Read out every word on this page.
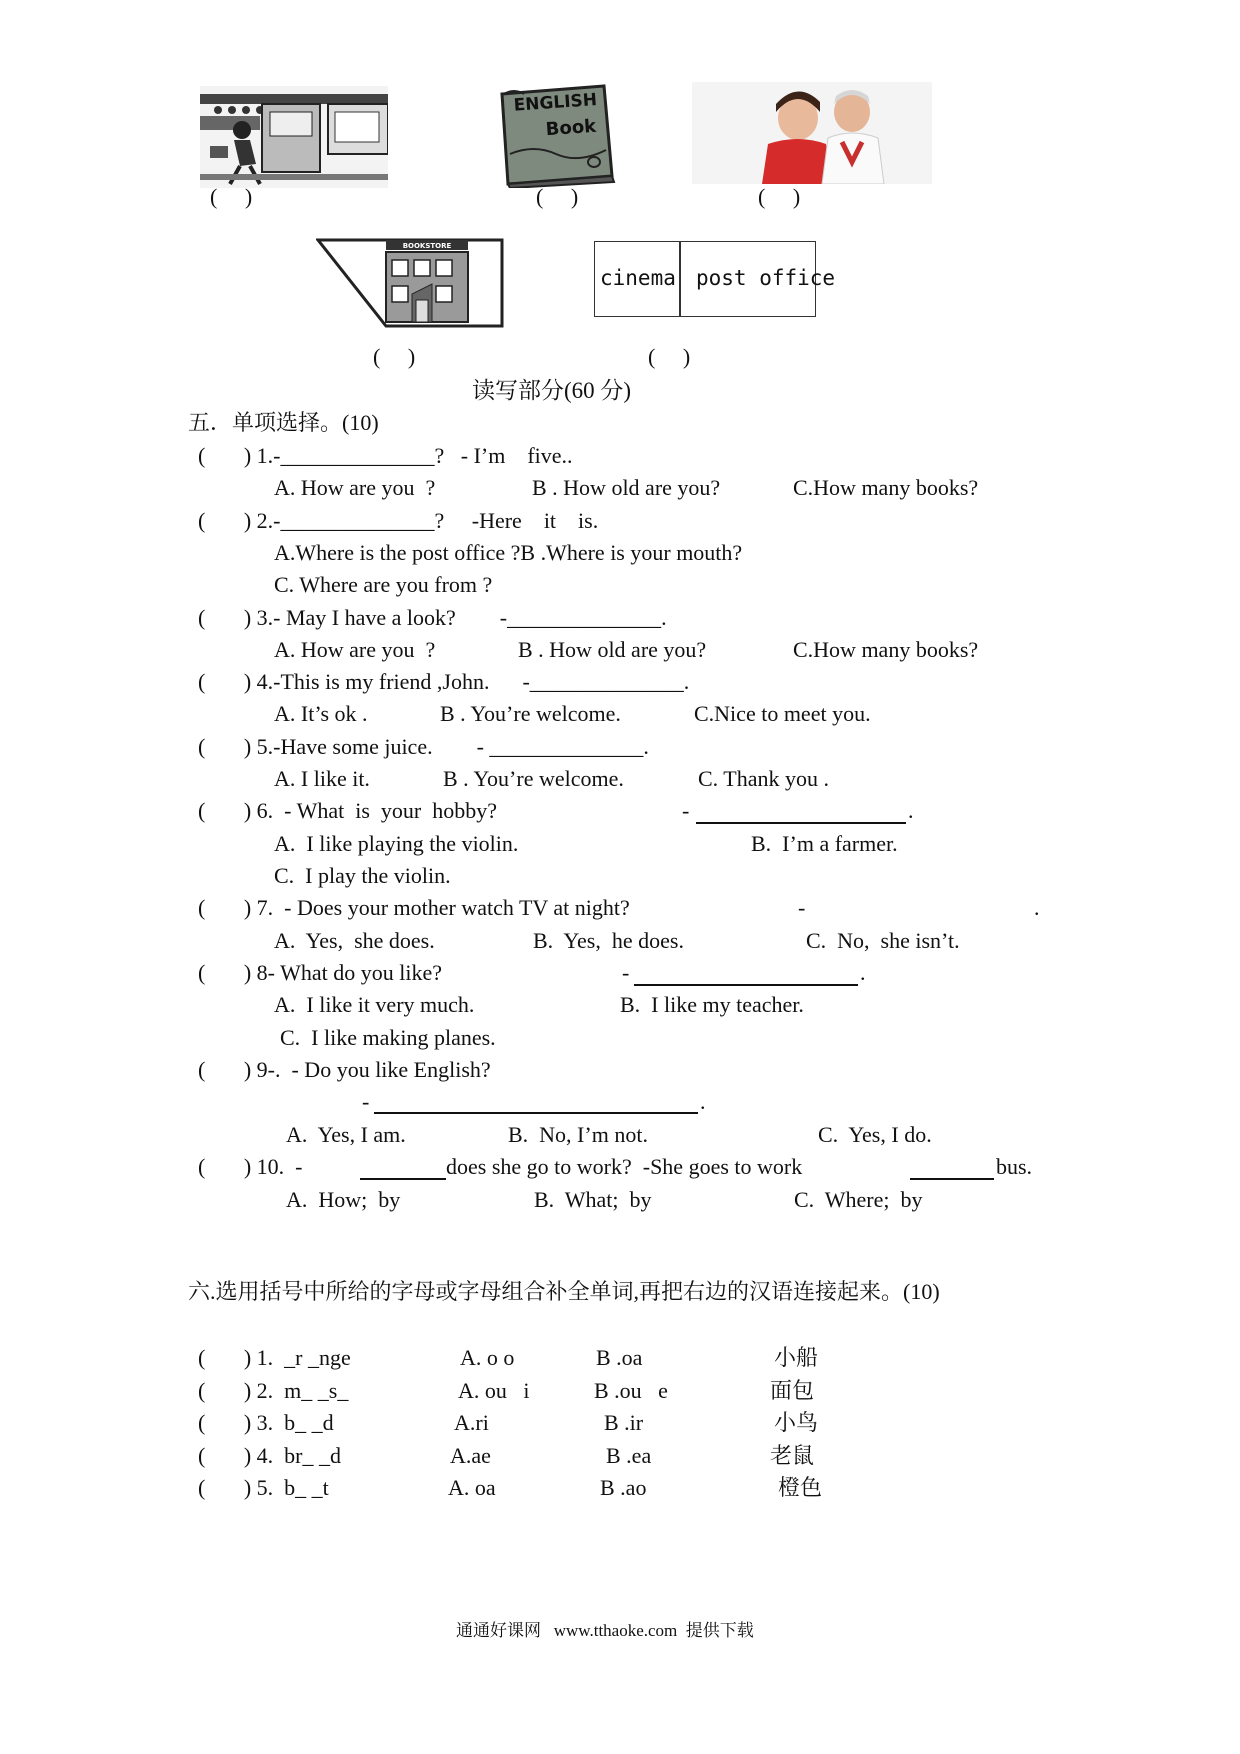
ENGLISH
Book
(     )	(     )	(     )
BOOKSTORE
cinema post office
(     )	(     )
读写部分(60 分)
五．单项选择。(10)
(       ) 1.-______________?   - I’m    five..
A. How are you  ?	B . How old are you?	C.How many books?
(       ) 2.-______________?     -Here    it    is.
A.Where is the post office ?B .Where is your mouth?
C. Where are you from ?
(       ) 3.- May I have a look?        -______________.
A. How are you  ?	B . How old are you?	C.How many books?
(       ) 4.-This is my friend ,John.      -______________.
A. It’s ok .	B . You’re welcome.	C.Nice to meet you.
(       ) 5.-Have some juice.        - ______________.
A. I like it.	B . You’re welcome.	C. Thank you .
(       ) 6.  - What  is  your  hobby?	-	.
A.  I like playing the violin.	B.  I’m a farmer.
C.  I play the violin.
(       ) 7.  - Does your mother watch TV at night?	-	.
A.  Yes,  she does.	B.  Yes,  he does.	C.  No,  she isn’t.
(       ) 8- What do you like?	-	.
A.  I like it very much.	B.  I like my teacher.
C.  I like making planes.
(       ) 9-.  - Do you like English?
-	.
A.  Yes, I am.	B.  No, I’m not.	C.  Yes, I do.
(       ) 10.  -	does she go to work?  -She goes to work	bus.
A.  How;  by	B.  What;  by	C.  Where;  by
六.选用括号中所给的字母或字母组合补全单词,再把右边的汉语连接起来。(10)
(       ) 1.  _r _nge	A. o o	B .oa	小船
(       ) 2.  m_ _s_	A. ou   i	B .ou   e	面包
(       ) 3.  b_ _d	A.ri	B .ir	小鸟
(       ) 4.  br_ _d	A.ae	B .ea	老鼠
(       ) 5.  b_ _t	A. oa	B .ao	橙色
通通好课网   www.tthaoke.com  提供下载
